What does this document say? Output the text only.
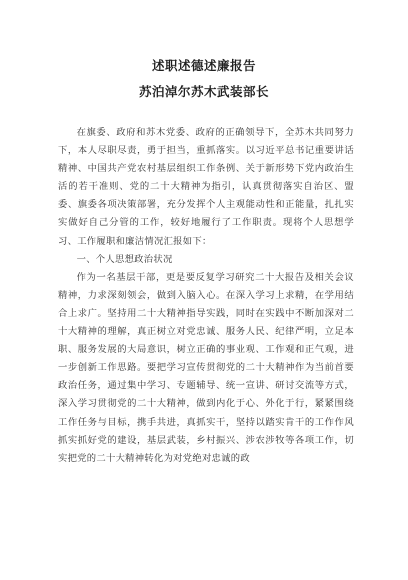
述职述德述廉报告
苏泊淖尔苏木武装部长

在旗委、政府和苏木党委、政府的正确领导下，全苏木共同努力下，本人尽职尽责，勇于担当，重抓落实。以习近平总书记重要讲话精神、中国共产党农村基层组织工作条例、关于新形势下党内政治生活的若干准则、党的二十大精神为指引，认真贯彻落实自治区、盟委、旗委各项决策部署，充分发挥个人主观能动性和正能量，扎扎实实做好自己分管的工作，较好地履行了工作职责。现将个人思想学习、工作履职和廉洁情况汇报如下：

一、个人思想政治状况

作为一名基层干部，更是要反复学习研究二十大报告及相关会议精神，力求深刻领会，做到入脑入心。在深入学习上求精，在学用结合上求广。坚持用二十大精神指导实践，同时在实践中不断加深对二十大精神的理解，真正树立对党忠诚、服务人民、纪律严明，立足本职、服务发展的大局意识，树立正确的事业观、工作观和正气观，进一步创新工作思路。要把学习宣传贯彻党的二十大精神作为当前首要政治任务，通过集中学习、专题辅导、统一宣讲、研讨交流等方式，深入学习贯彻党的二十大精神，做到内化于心、外化于行，紧紧围绕工作任务与目标，携手共进，真抓实干，坚持以踏实肯干的工作作风抓实抓好党的建设，基层武装，乡村振兴、涉农涉牧等各项工作，切实把党的二十大精神转化为对党绝对忠诚的政
